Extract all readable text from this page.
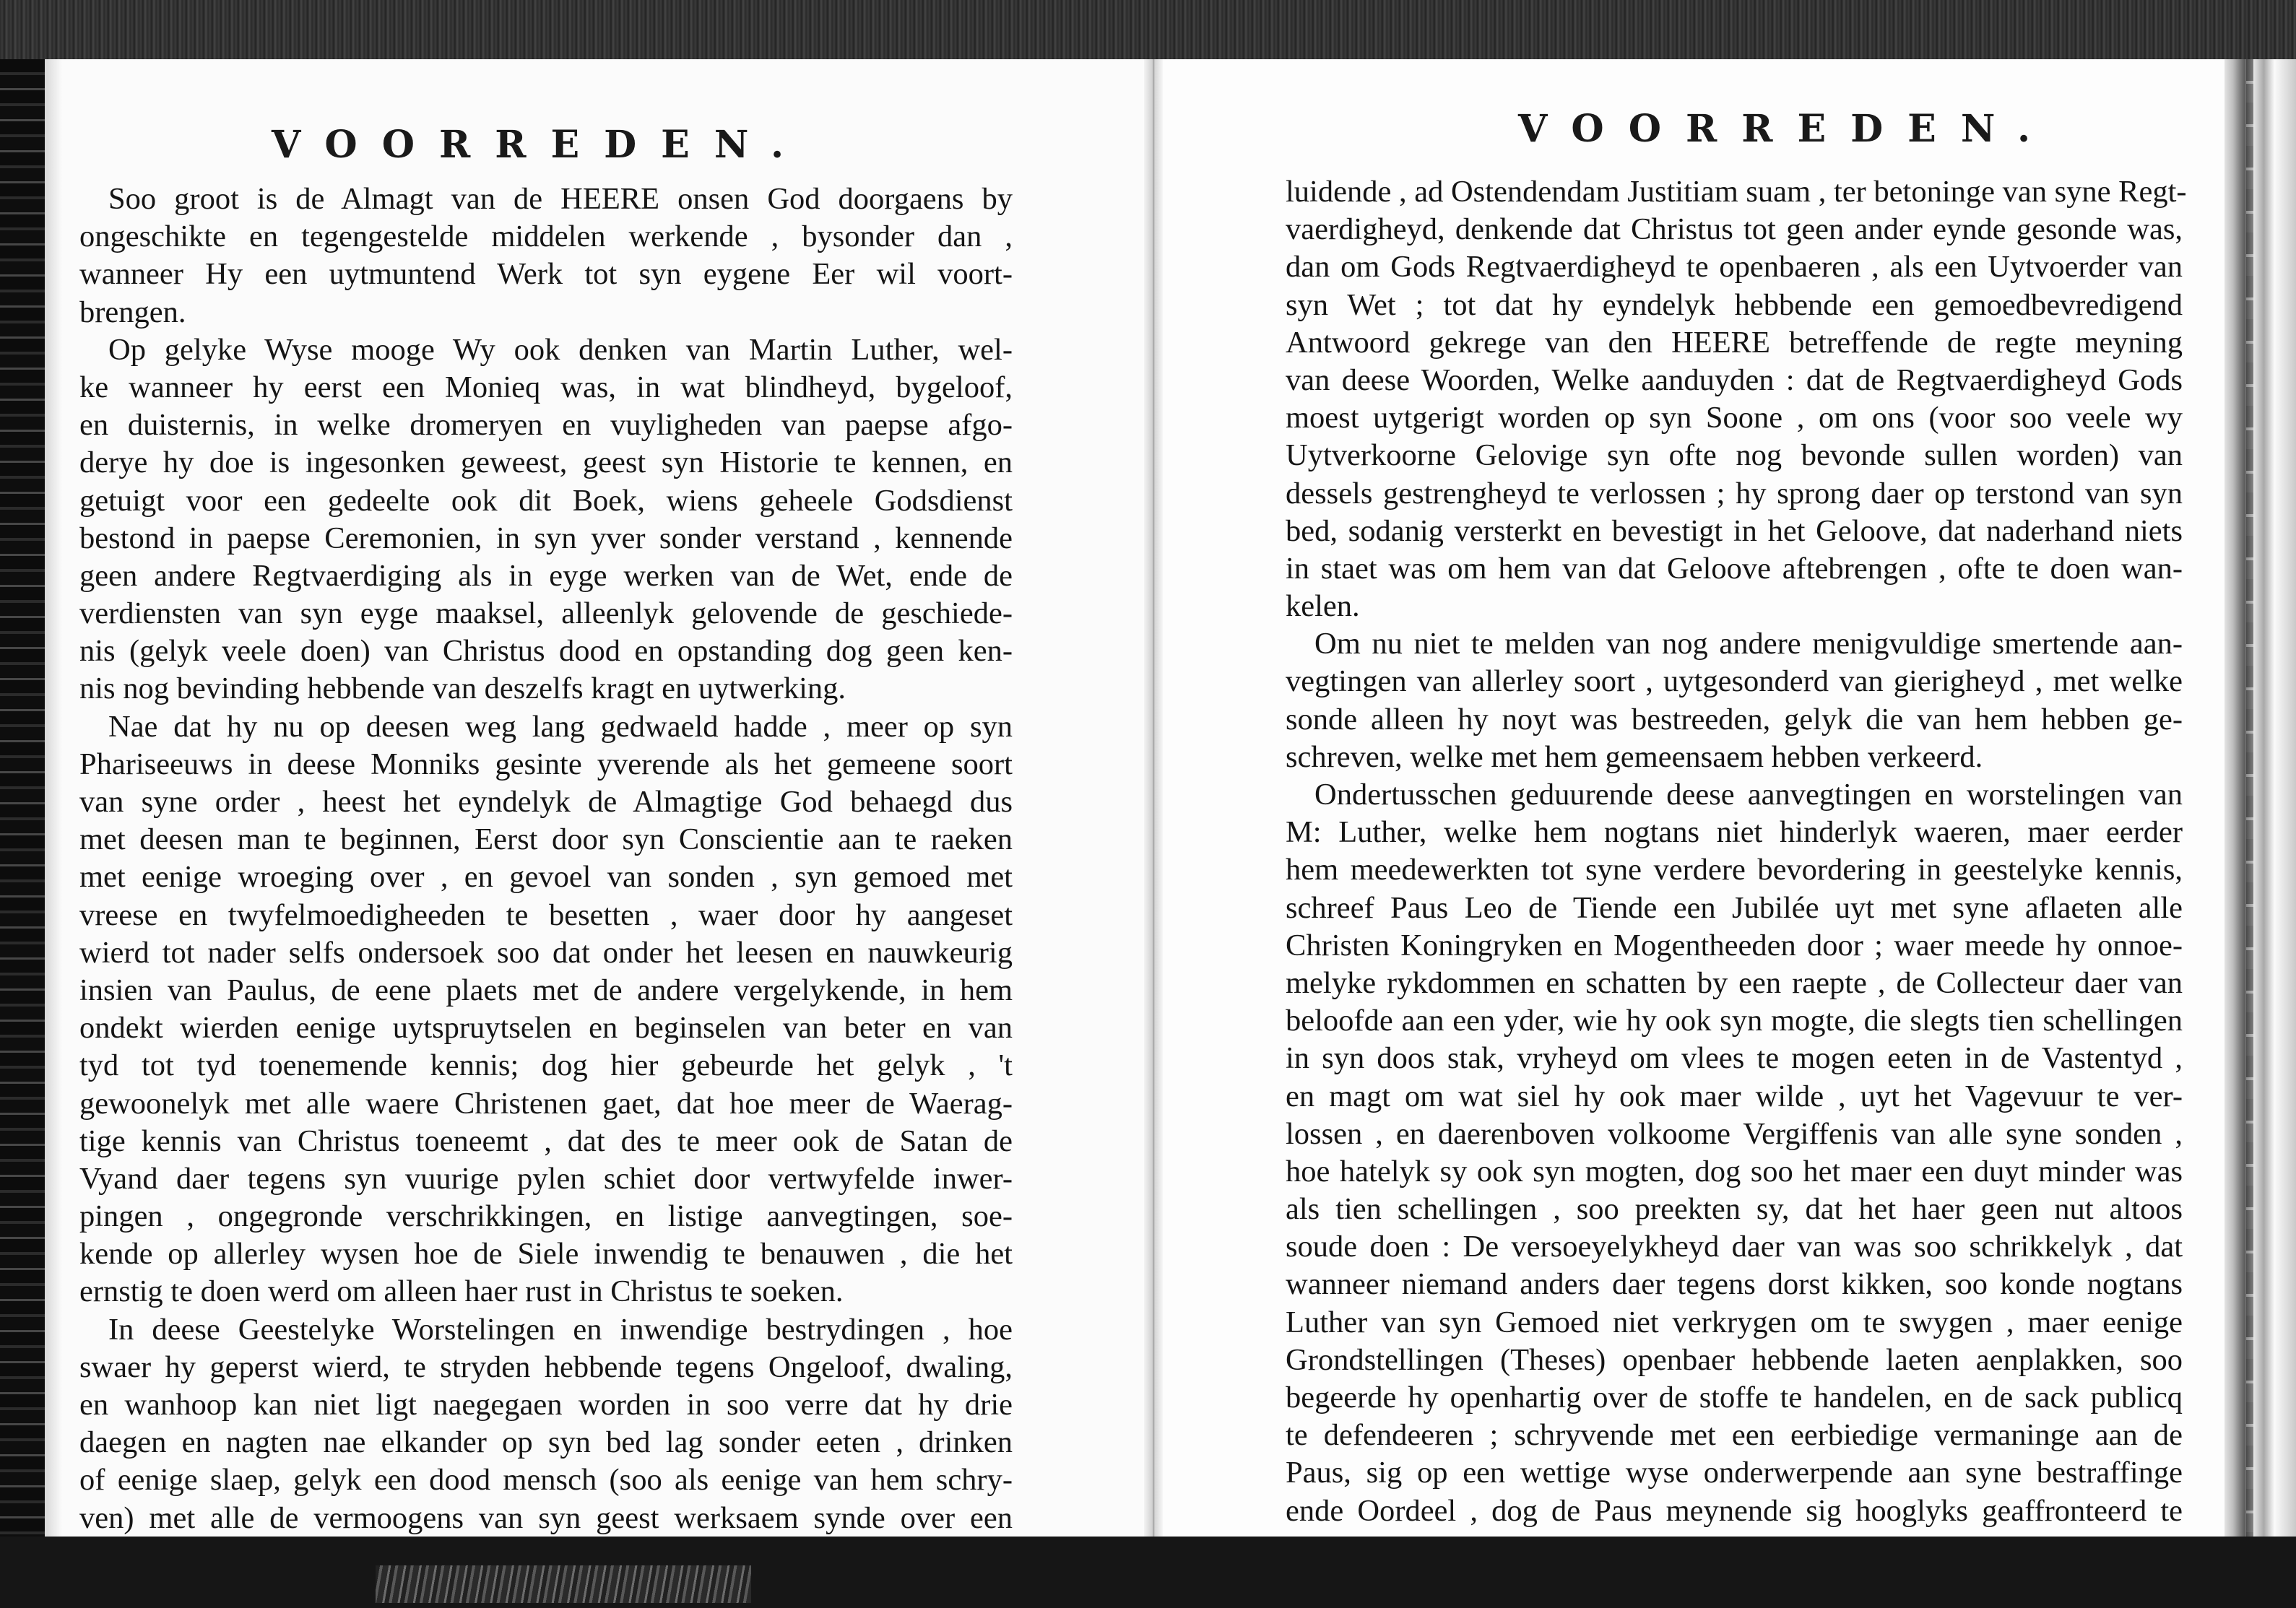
VOORREDEN.
Soo groot is de Almagt van de HEERE onsen God doorgaens by
ongeschikte en tegengestelde middelen werkende , bysonder dan ,
wanneer Hy een uytmuntend Werk tot syn eygene Eer wil voort-
brengen.
Op gelyke Wyse mooge Wy ook denken van Martin Luther, wel-
ke wanneer hy eerst een Monieq was, in wat blindheyd, bygeloof,
en duisternis, in welke dromeryen en vuyligheden van paepse afgo-
derye hy doe is ingesonken geweest, geest syn Historie te kennen, en
getuigt voor een gedeelte ook dit Boek, wiens geheele Godsdienst
bestond in paepse Ceremonien, in syn yver sonder verstand , kennende
geen andere Regtvaerdiging als in eyge werken van de Wet, ende de
verdiensten van syn eyge maaksel, alleenlyk gelovende de geschiede-
nis (gelyk veele doen) van Christus dood en opstanding dog geen ken-
nis nog bevinding hebbende van deszelfs kragt en uytwerking.
Nae dat hy nu op deesen weg lang gedwaeld hadde , meer op syn
Phariseeuws in deese Monniks gesinte yverende als het gemeene soort
van syne order , heest het eyndelyk de Almagtige God behaegd dus
met deesen man te beginnen, Eerst door syn Conscientie aan te raeken
met eenige wroeging over , en gevoel van sonden , syn gemoed met
vreese en twyfelmoedigheeden te besetten , waer door hy aangeset
wierd tot nader selfs ondersoek soo dat onder het leesen en nauwkeurig
insien van Paulus, de eene plaets met de andere vergelykende, in hem
ondekt wierden eenige uytspruytselen en beginselen van beter en van
tyd tot tyd toenemende kennis; dog hier gebeurde het gelyk , 't
gewoonelyk met alle waere Christenen gaet, dat hoe meer de Waerag-
tige kennis van Christus toeneemt , dat des te meer ook de Satan de
Vyand daer tegens syn vuurige pylen schiet door vertwyfelde inwer-
pingen , ongegronde verschrikkingen, en listige aanvegtingen, soe-
kende op allerley wysen hoe de Siele inwendig te benauwen , die het
ernstig te doen werd om alleen haer rust in Christus te soeken.
In deese Geestelyke Worstelingen en inwendige bestrydingen , hoe
swaer hy geperst wierd, te stryden hebbende tegens Ongeloof, dwaling,
en wanhoop kan niet ligt naegegaen worden in soo verre dat hy drie
daegen en nagten nae elkander op syn bed lag sonder eeten , drinken
of eenige slaep, gelyk een dood mensch (soo als eenige van hem schry-
ven) met alle de vermoogens van syn geest werksaem synde over een
VOORREDEN.
luidende , ad Ostendendam Justitiam suam , ter betoninge van syne Regt-
vaerdigheyd, denkende dat Christus tot geen ander eynde gesonde was,
dan om Gods Regtvaerdigheyd te openbaeren , als een Uytvoerder van
syn Wet ; tot dat hy eyndelyk hebbende een gemoedbevredigend
Antwoord gekrege van den HEERE betreffende de regte meyning
van deese Woorden, Welke aanduyden : dat de Regtvaerdigheyd Gods
moest uytgerigt worden op syn Soone , om ons (voor soo veele wy
Uytverkoorne Gelovige syn ofte nog bevonde sullen worden) van
dessels gestrengheyd te verlossen ; hy sprong daer op terstond van syn
bed, sodanig versterkt en bevestigt in het Geloove, dat naderhand niets
in staet was om hem van dat Geloove aftebrengen , ofte te doen wan-
kelen.
Om nu niet te melden van nog andere menigvuldige smertende aan-
vegtingen van allerley soort , uytgesonderd van gierigheyd , met welke
sonde alleen hy noyt was bestreeden, gelyk die van hem hebben ge-
schreven, welke met hem gemeensaem hebben verkeerd.
Ondertusschen geduurende deese aanvegtingen en worstelingen van
M: Luther, welke hem nogtans niet hinderlyk waeren, maer eerder
hem meedewerkten tot syne verdere bevordering in geestelyke kennis,
schreef Paus Leo de Tiende een Jubilée uyt met syne aflaeten alle
Christen Koningryken en Mogentheeden door ; waer meede hy onnoe-
melyke rykdommen en schatten by een raepte , de Collecteur daer van
beloofde aan een yder, wie hy ook syn mogte, die slegts tien schellingen
in syn doos stak, vryheyd om vlees te mogen eeten in de Vastentyd ,
en magt om wat siel hy ook maer wilde , uyt het Vagevuur te ver-
lossen , en daerenboven volkoome Vergiffenis van alle syne sonden ,
hoe hatelyk sy ook syn mogten, dog soo het maer een duyt minder was
als tien schellingen , soo preekten sy, dat het haer geen nut altoos
soude doen : De versoeyelykheyd daer van was soo schrikkelyk , dat
wanneer niemand anders daer tegens dorst kikken, soo konde nogtans
Luther van syn Gemoed niet verkrygen om te swygen , maer eenige
Grondstellingen (Theses) openbaer hebbende laeten aenplakken, soo
begeerde hy openhartig over de stoffe te handelen, en de sack publicq
te defendeeren ; schryvende met een eerbiedige vermaninge aan de
Paus, sig op een wettige wyse onderwerpende aan syne bestraffinge
ende Oordeel , dog de Paus meynende sig hooglyks geaffronteerd te
